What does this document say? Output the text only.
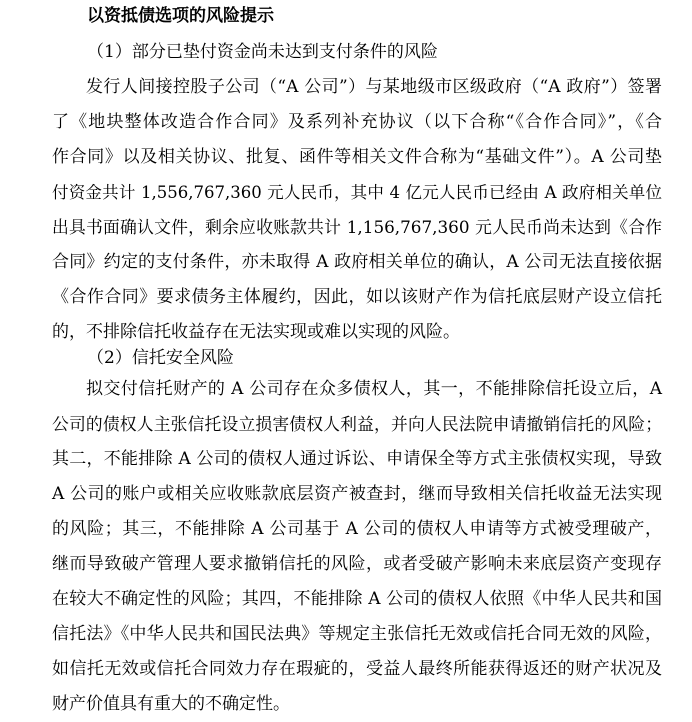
以资抵债选项的风险提示
（1）部分已垫付资金尚未达到支付条件的风险
发行人间接控股子公司（“A 公司”）与某地级市区级政府（“A 政府”）签署
了《地块整体改造合作合同》及系列补充协议（以下合称“《合作合同》”，《合
作合同》以及相关协议、批复、函件等相关文件合称为“基础文件”）。A 公司垫
付资金共计 1,556,767,360 元人民币，其中 4 亿元人民币已经由 A 政府相关单位
出具书面确认文件，剩余应收账款共计 1,156,767,360 元人民币尚未达到《合作
合同》约定的支付条件，亦未取得 A 政府相关单位的确认，A 公司无法直接依据
《合作合同》要求债务主体履约，因此，如以该财产作为信托底层财产设立信托
的，不排除信托收益存在无法实现或难以实现的风险。
（2）信托安全风险
拟交付信托财产的 A 公司存在众多债权人，其一，不能排除信托设立后，A
公司的债权人主张信托设立损害债权人利益，并向人民法院申请撤销信托的风险；
其二，不能排除 A 公司的债权人通过诉讼、申请保全等方式主张债权实现，导致
A 公司的账户或相关应收账款底层资产被查封，继而导致相关信托收益无法实现
的风险；其三，不能排除 A 公司基于 A 公司的债权人申请等方式被受理破产，
继而导致破产管理人要求撤销信托的风险，或者受破产影响未来底层资产变现存
在较大不确定性的风险；其四，不能排除 A 公司的债权人依照《中华人民共和国
信托法》《中华人民共和国民法典》等规定主张信托无效或信托合同无效的风险，
如信托无效或信托合同效力存在瑕疵的，受益人最终所能获得返还的财产状况及
财产价值具有重大的不确定性。
